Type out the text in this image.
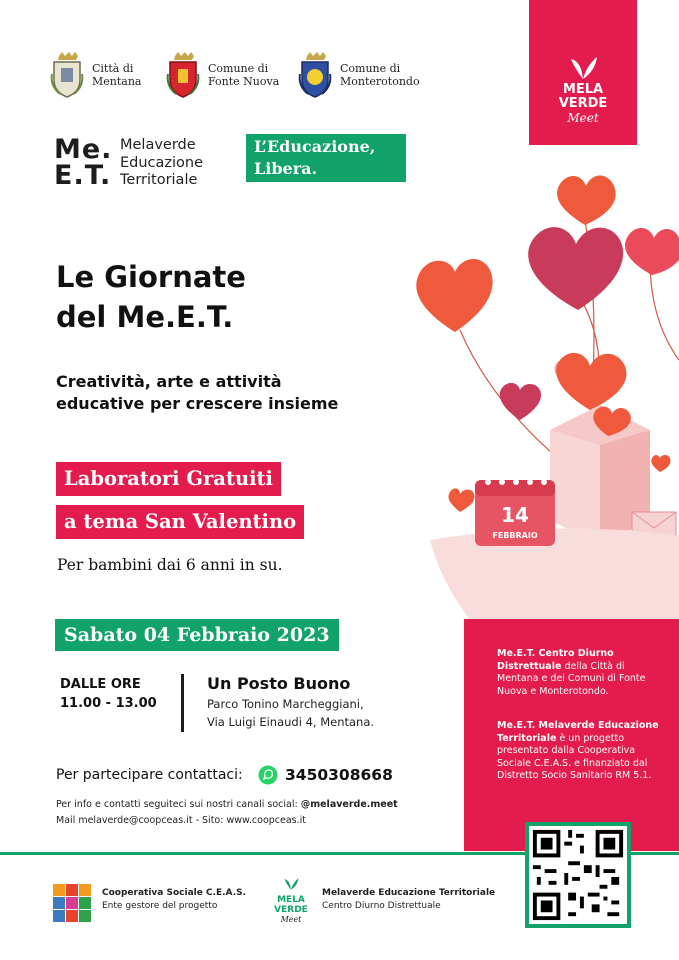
Città di
Mentana
Comune di
Fonte Nuova
Comune di
Monterotondo
MELA
VERDE
Meet
Me.
E.T.
Melaverde
Educazione
Territoriale
L’Educazione,
Libera.
Le Giornate
del Me.E.T.
Creatività, arte e attività
educative per crescere insieme
Laboratori Gratuiti
a tema San Valentino
Per bambini dai 6 anni in su.
14
FEBBRAIO
Sabato 04 Febbraio 2023
DALLE ORE
11.00 - 13.00
Un Posto Buono
Parco Tonino Marcheggiani,
Via Luigi Einaudi 4, Mentana.
Per partecipare contattaci:	3450308668
Per info e contatti seguiteci sui nostri canali social: @melaverde.meet
Mail melaverde@coopceas.it - Sito: www.coopceas.it

Me.E.T. Centro Diurno Distrettuale della Città di Mentana e dei Comuni di Fonte Nuova e Monterotondo.

Me.E.T. Melaverde Educazione Territoriale è un progetto presentato dalla Cooperativa Sociale C.E.A.S. e finanziato dal Distretto Socio Sanitario RM 5.1.

Cooperativa Sociale C.E.A.S.
Ente gestore del progetto
MELA
VERDE
Meet
Melaverde Educazione Territoriale
Centro Diurno Distrettuale
